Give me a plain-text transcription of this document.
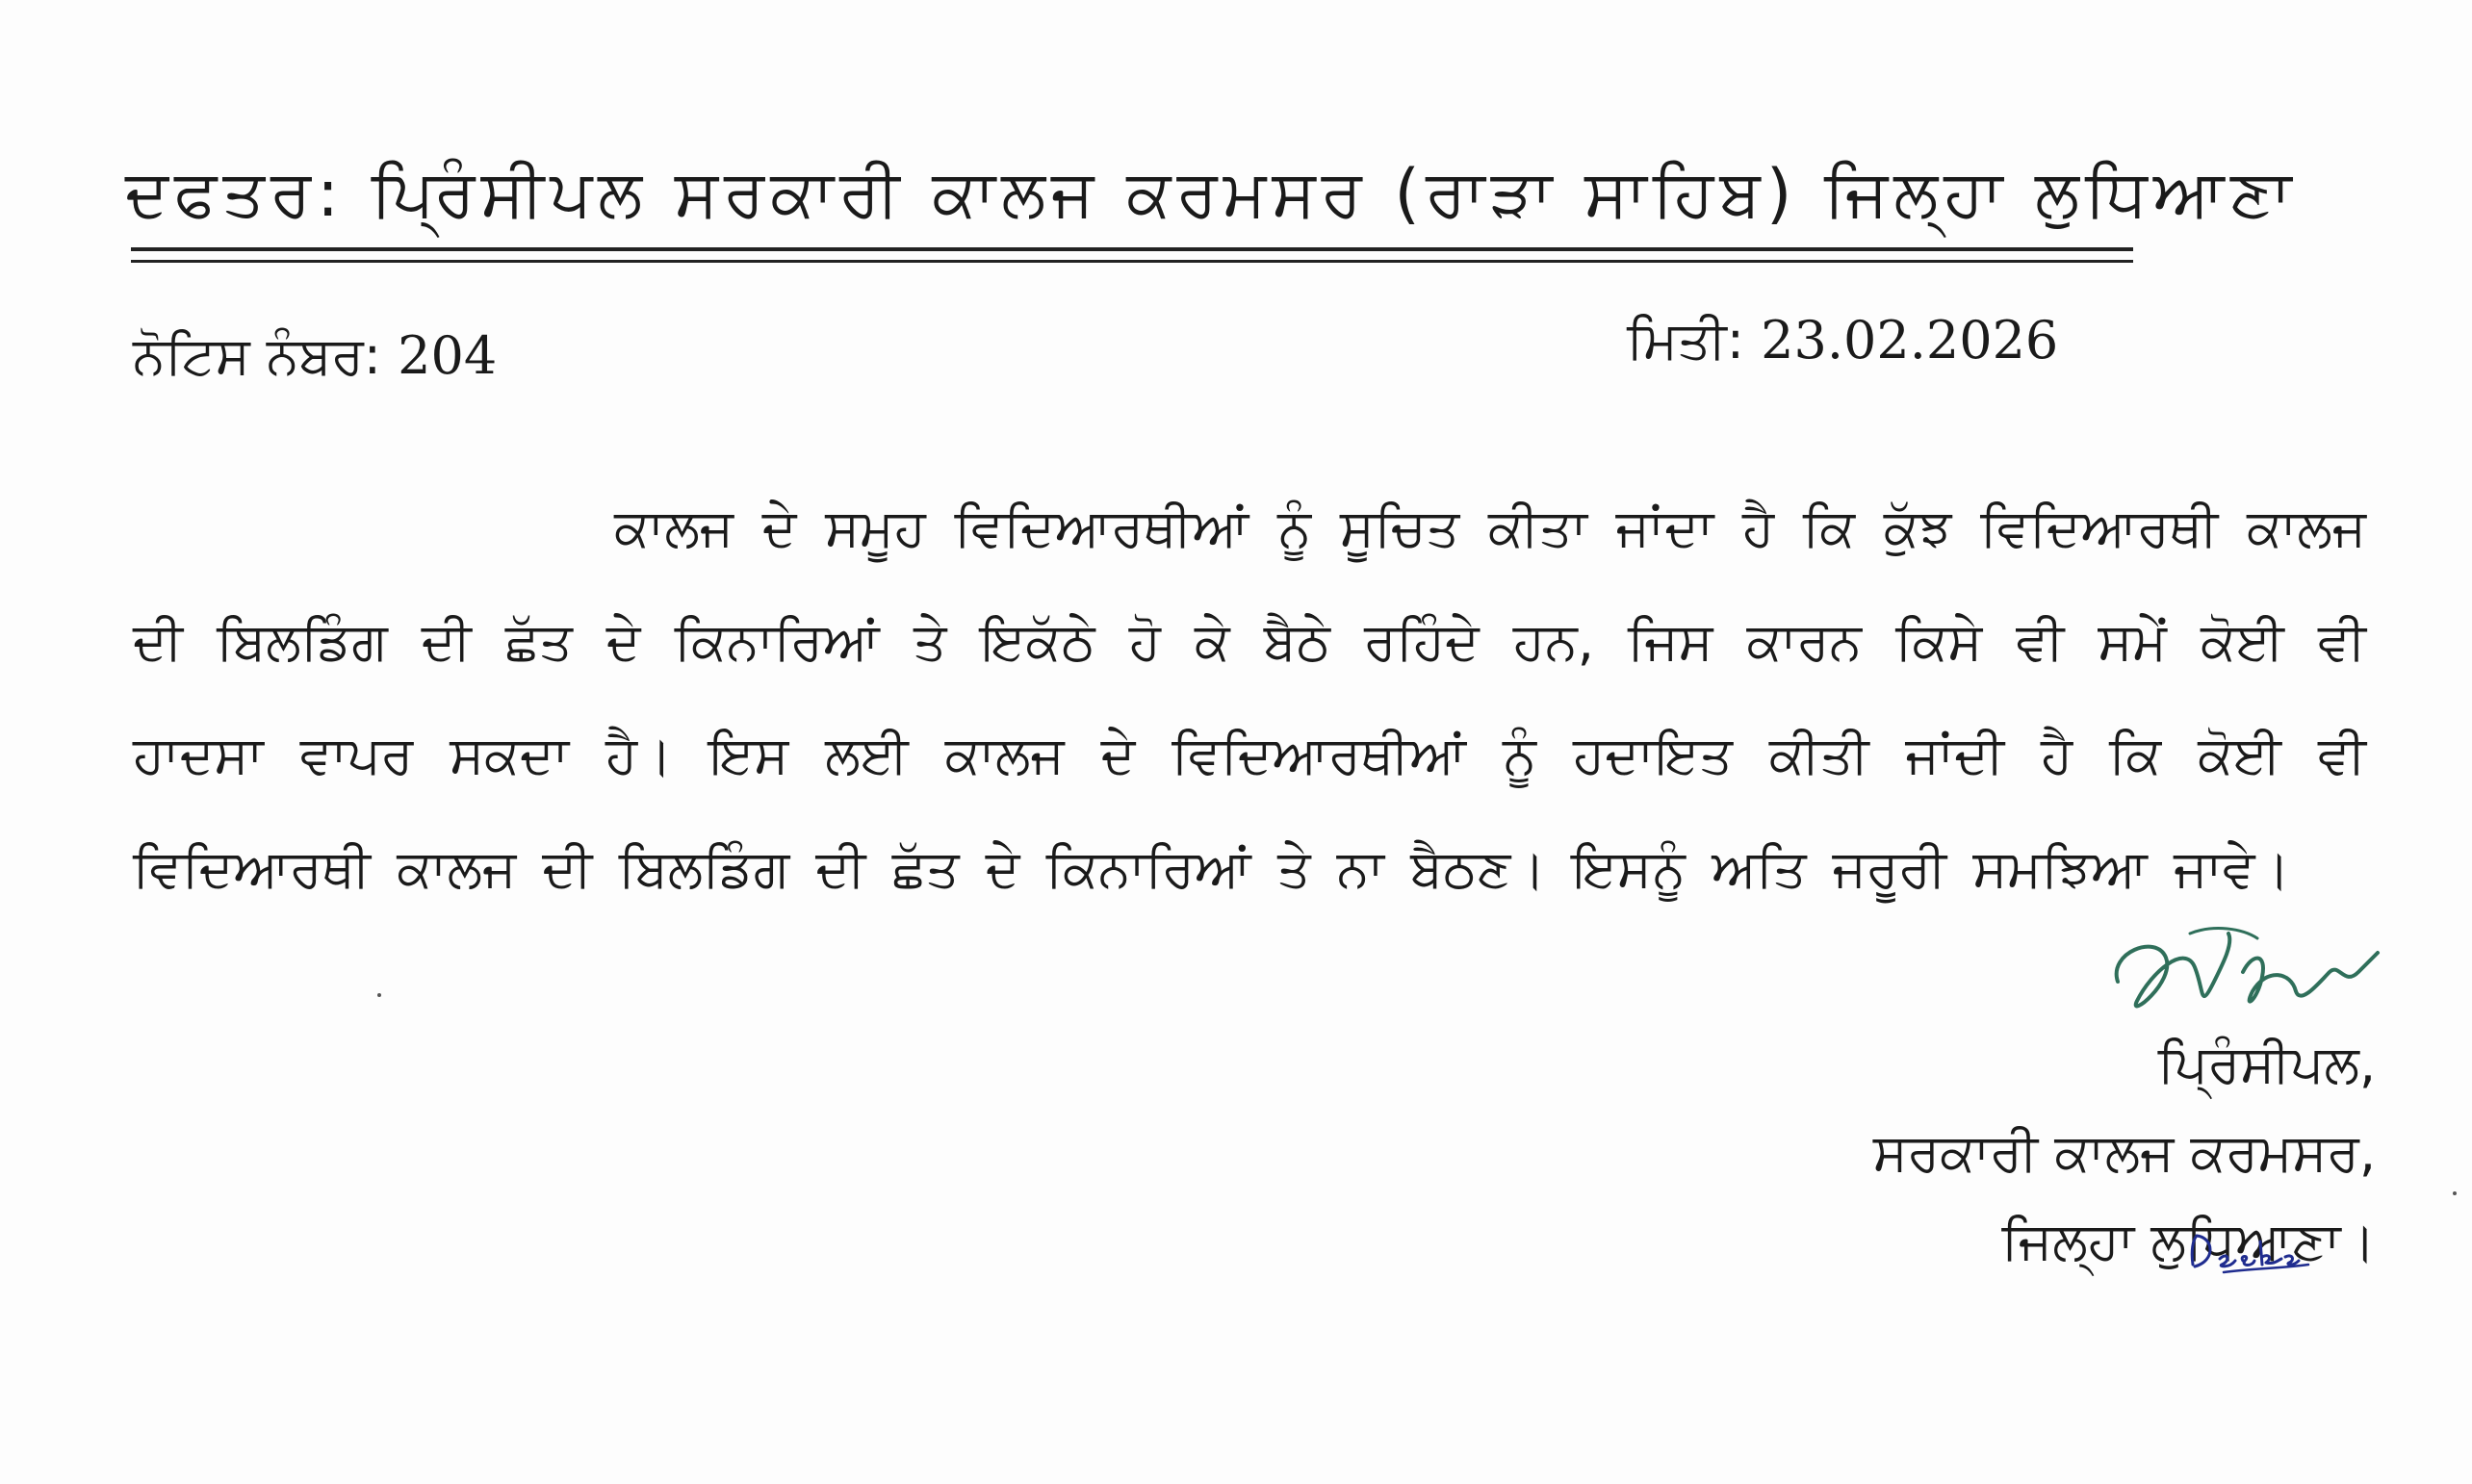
ਦਫਤਰ: ਪ੍ਰਿੰਸੀਪਲ ਸਰਕਾਰੀ ਕਾਲਜ ਕਰਮਸਰ (ਰਾੜਾ ਸਾਹਿਬ) ਜਿਲ੍ਹਾ ਲੁਧਿਆਣਾ
ਨੋਟਿਸ ਨੰਬਰ: 204	ਮਿਤੀ: 23.02.2026
ਕਾਲਜ ਦੇ ਸਮੂਹ ਵਿਦਿਆਰਥੀਆਂ ਨੂੰ ਸੂਚਿਤ ਕੀਤਾ ਜਾਂਦਾ ਹੈ ਕਿ ਕੁੱਝ ਵਿਦਿਆਰਥੀ ਕਾਲਜ ਦੀ ਬਿਲਡਿੰਗ ਦੀ ਛੱਤ ਦੇ ਕਿਨਾਰਿਆਂ ਤੇ ਇਕੱਠੇ ਹੋ ਕੇ ਬੈਠੇ ਰਹਿੰਦੇ ਹਨ, ਜਿਸ ਕਾਰਨ ਕਿਸੇ ਵੀ ਸਮੇਂ ਕੋਈ ਵੀ ਹਾਦਸਾ ਵਾਪਰ ਸਕਦਾ ਹੈ। ਇਸ ਲਈ ਕਾਲਜ ਦੇ ਵਿਦਿਆਰਥੀਆਂ ਨੂੰ ਹਦਾਇਤ ਕੀਤੀ ਜਾਂਦੀ ਹੈ ਕਿ ਕੋਈ ਵੀ ਵਿਦਿਆਰਥੀ ਕਾਲਜ ਦੀ ਬਿਲਡਿੰਗ ਦੀ ਛੱਤ ਦੇ ਕਿਨਾਰਿਆਂ ਤੇ ਨਾ ਬੈਠਣ। ਇਸਨੂੰ ਅਤਿ ਜਰੂਰੀ ਸਮਝਿਆ ਜਾਵੇ।
ਪ੍ਰਿੰਸੀਪਲ,
ਸਰਕਾਰੀ ਕਾਲਜ ਕਰਮਸਰ,
ਜਿਲ੍ਹਾ ਲੁਧਿਆਣਾ।
